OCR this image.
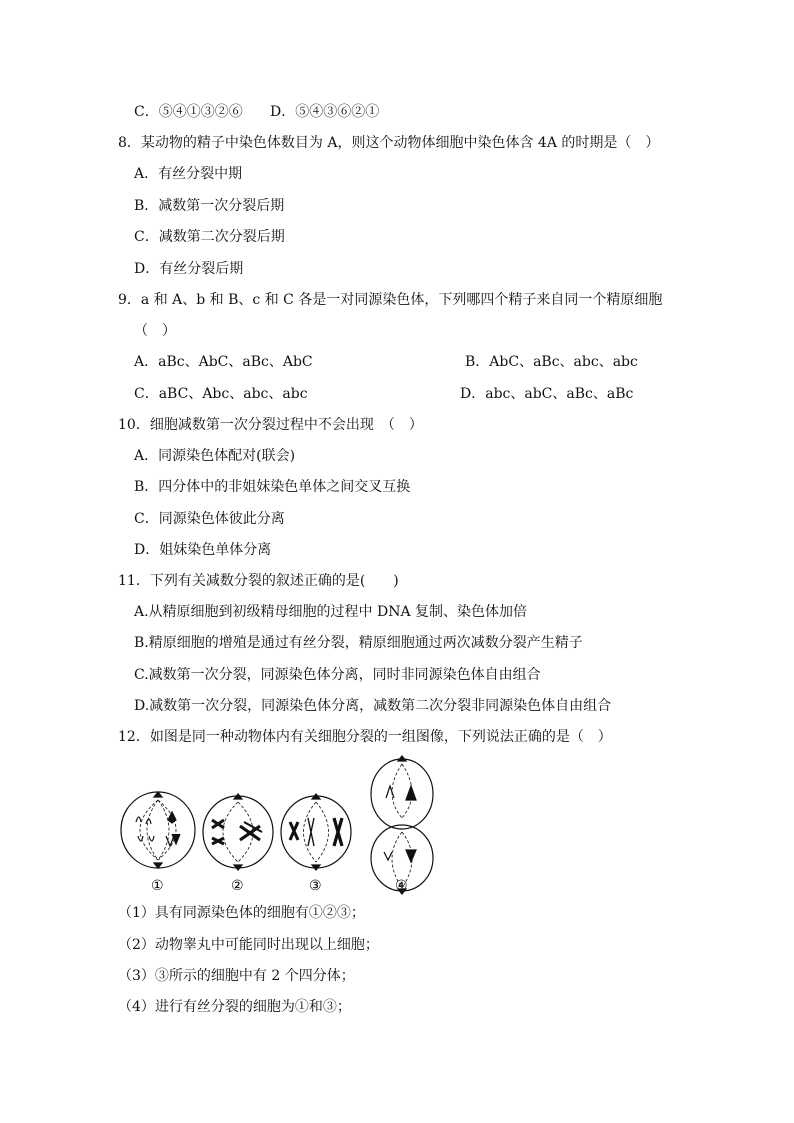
C．⑤④①③②⑥ D．⑤④③⑥②①
8．某动物的精子中染色体数目为 A，则这个动物体细胞中染色体含 4A 的时期是（　）
A．有丝分裂中期
B．减数第一次分裂后期
C．减数第二次分裂后期
D．有丝分裂后期
9．a 和 A、b 和 B、c 和 C 各是一对同源染色体，下列哪四个精子来自同一个精原细胞
（　）
A．aBc、AbC、aBc、AbC	B．AbC、aBc、abc、abc
C．aBC、Abc、abc、abc	D．abc、abC、aBc、aBc
10．细胞减数第一次分裂过程中不会出现　（　）
A．同源染色体配对(联会)
B．四分体中的非姐妹染色单体之间交叉互换
C．同源染色体彼此分离
D．姐妹染色单体分离
11．下列有关减数分裂的叙述正确的是(　　)
A.从精原细胞到初级精母细胞的过程中 DNA 复制、染色体加倍
B.精原细胞的增殖是通过有丝分裂，精原细胞通过两次减数分裂产生精子
C.减数第一次分裂，同源染色体分离，同时非同源染色体自由组合
D.减数第一次分裂，同源染色体分离，减数第二次分裂非同源染色体自由组合
12．如图是同一种动物体内有关细胞分裂的一组图像，下列说法正确的是（　）
①	②	③	④
（1）具有同源染色体的细胞有①②③；
（2）动物睾丸中可能同时出现以上细胞；
（3）③所示的细胞中有 2 个四分体；
（4）进行有丝分裂的细胞为①和③；
